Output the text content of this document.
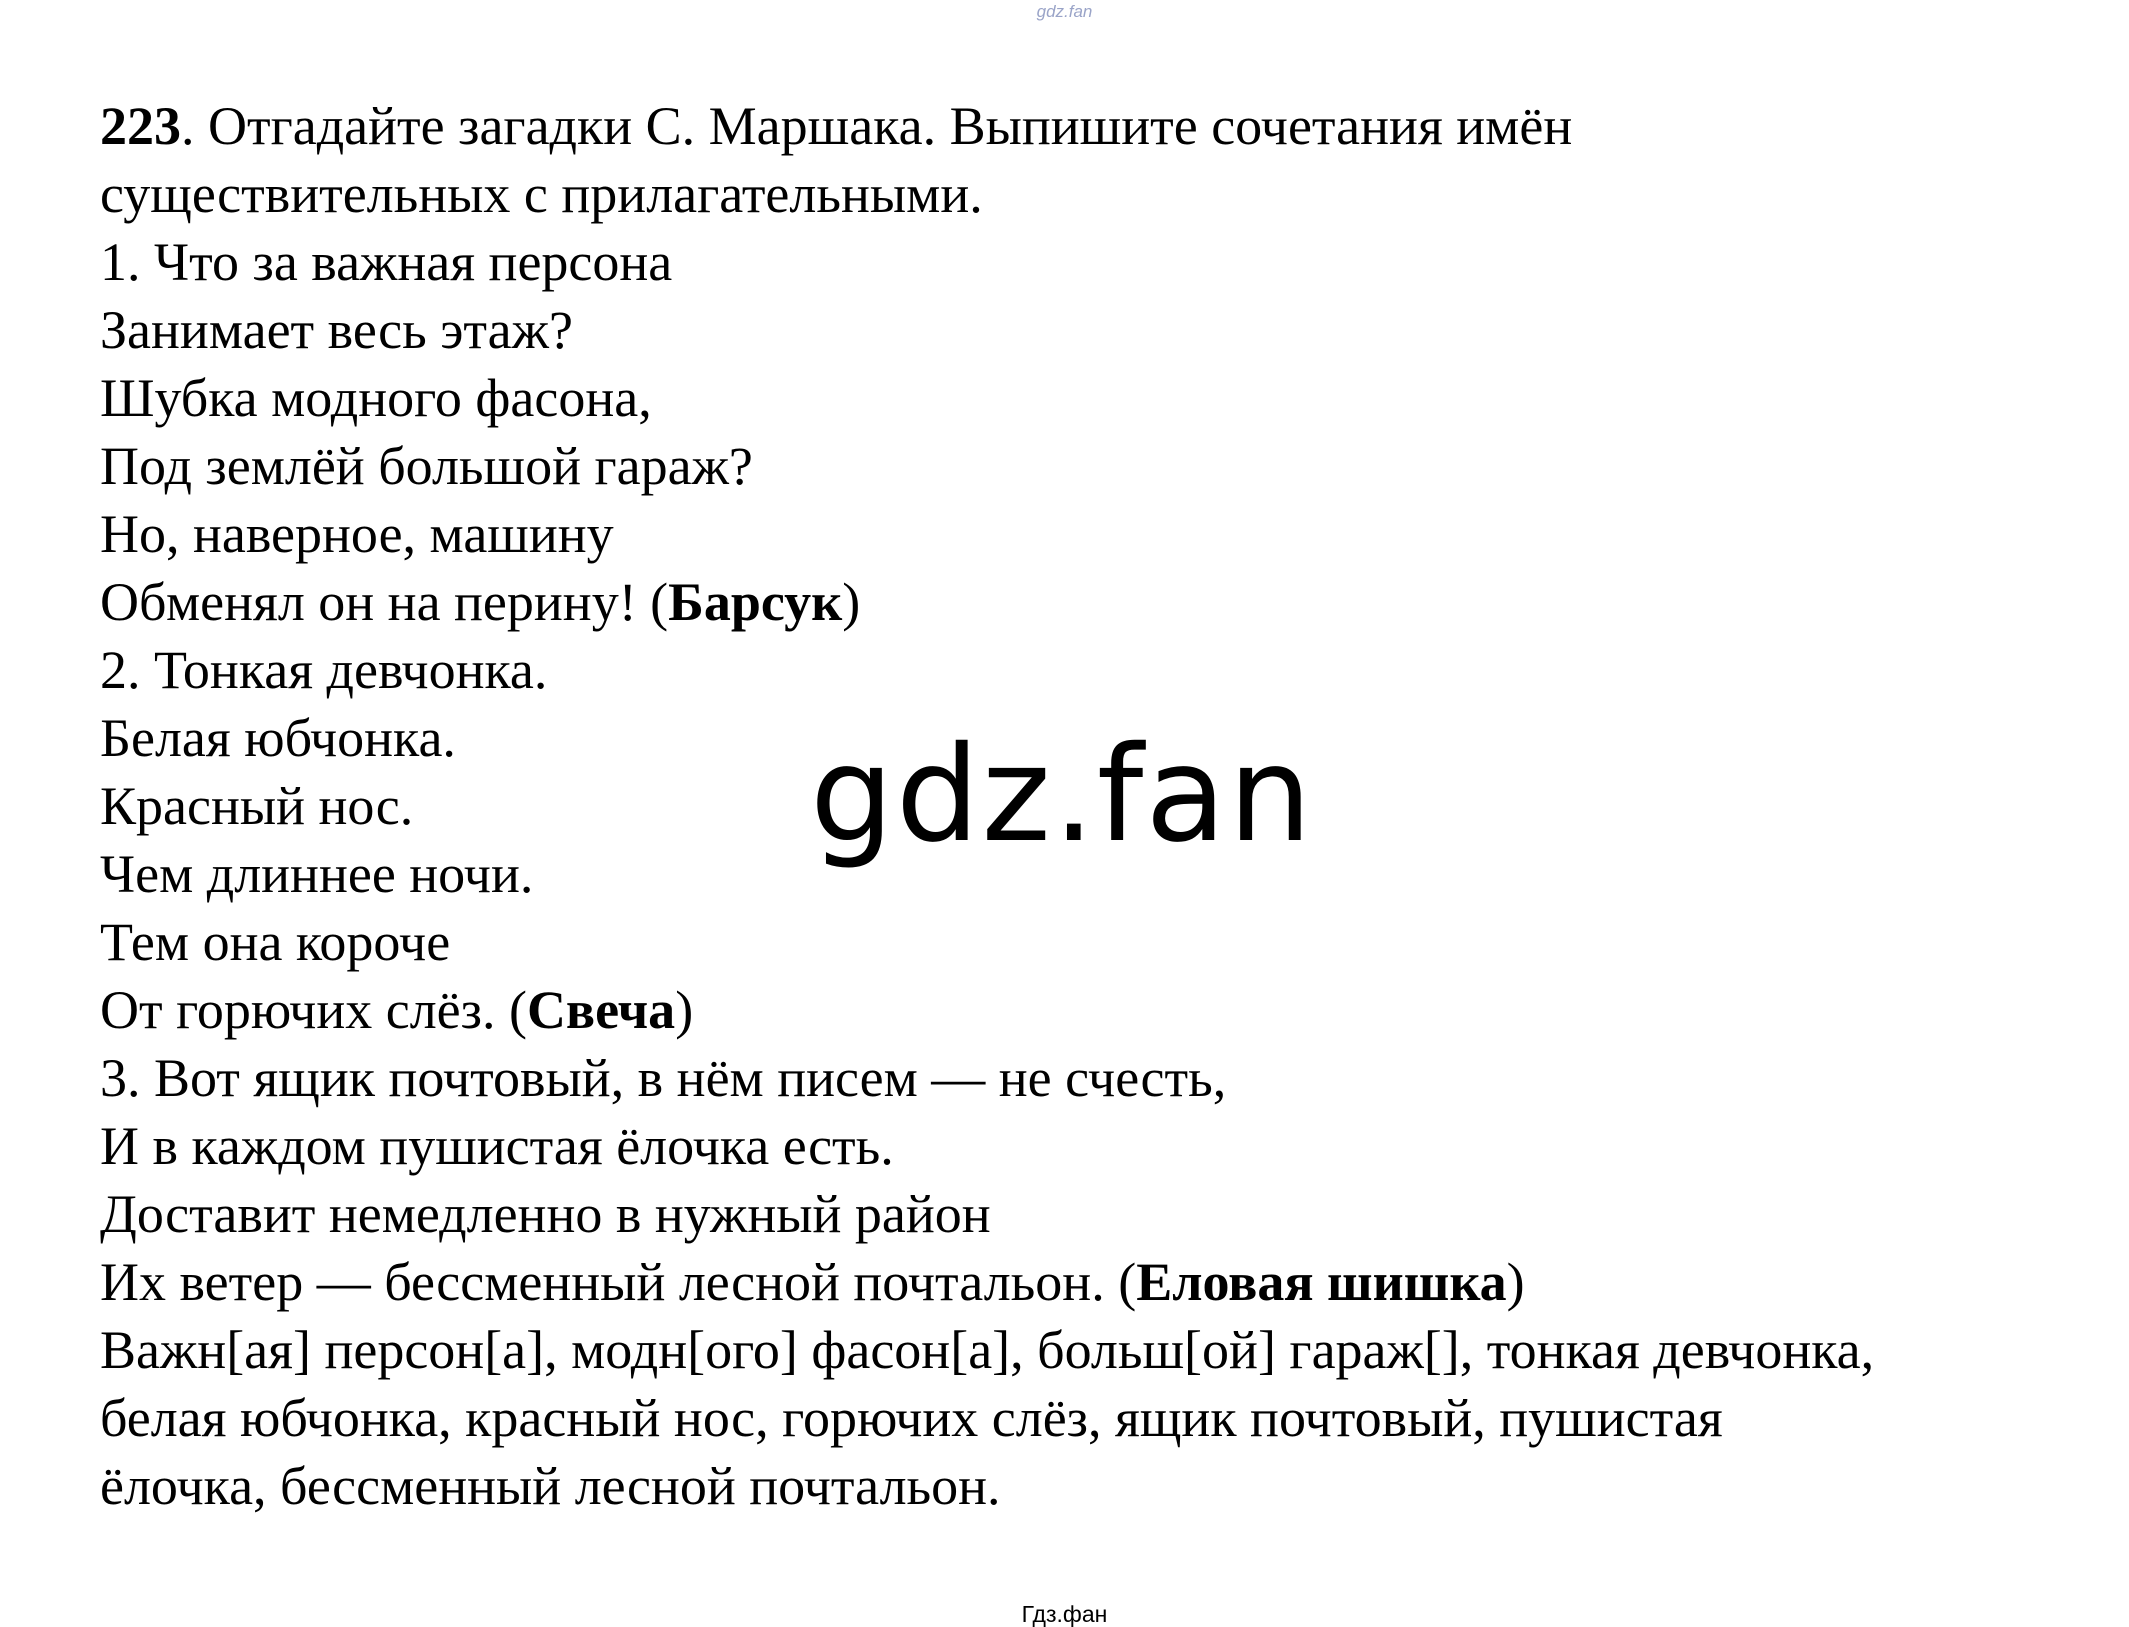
gdz.fan

223. Отгадайте загадки С. Маршака. Выпишите сочетания имён

существительных с прилагательными.

1. Что за важная персона

Занимает весь этаж?

Шубка модного фасона,

Под землёй большой гараж?

Но, наверное, машину

Обменял он на перину! (Барсук)

2. Тонкая девчонка.

Белая юбчонка.

Красный нос.

Чем длиннее ночи.

Тем она короче

От горючих слёз. (Свеча)

3. Вот ящик почтовый, в нём писем — не счесть,

И в каждом пушистая ёлочка есть.

Доставит немедленно в нужный район

Их ветер — бессменный лесной почтальон. (Еловая шишка)

Важн[ая] персон[а], модн[ого] фасон[а], больш[ой] гараж[], тонкая девчонка,

белая юбчонка, красный нос, горючих слёз, ящик почтовый, пушистая

ёлочка, бессменный лесной почтальон.

gdz.fan
Гдз.фан
